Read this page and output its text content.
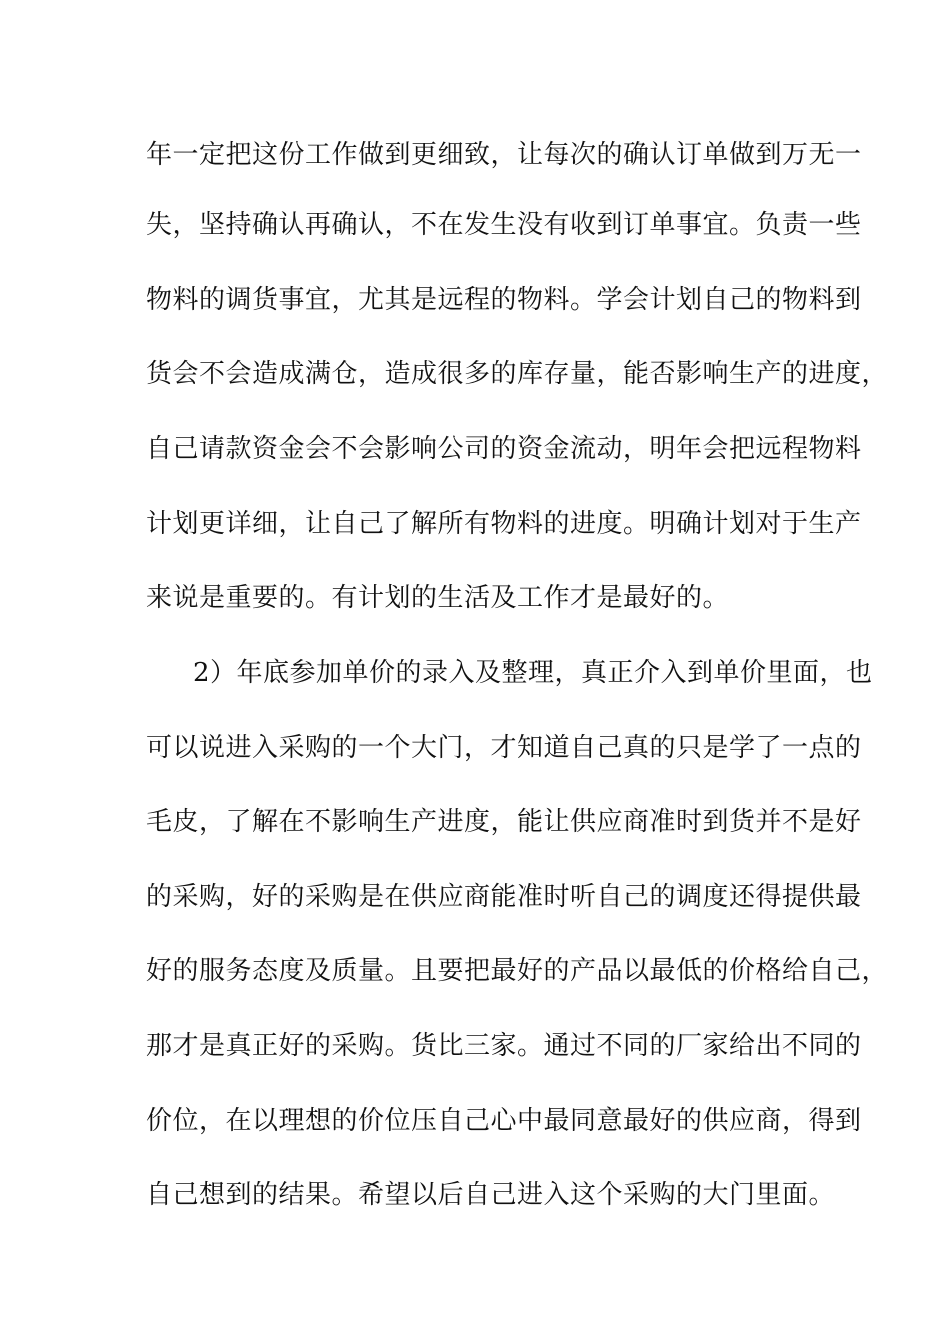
年一定把这份工作做到更细致，让每次的确认订单做到万无一
失，坚持确认再确认，不在发生没有收到订单事宜。负责一些
物料的调货事宜，尤其是远程的物料。学会计划自己的物料到
货会不会造成满仓，造成很多的库存量，能否影响生产的进度，
自己请款资金会不会影响公司的资金流动，明年会把远程物料
计划更详细，让自己了解所有物料的进度。明确计划对于生产
来说是重要的。有计划的生活及工作才是最好的。
2）年底参加单价的录入及整理，真正介入到单价里面，也
可以说进入采购的一个大门，才知道自己真的只是学了一点的
毛皮，了解在不影响生产进度，能让供应商准时到货并不是好
的采购，好的采购是在供应商能准时听自己的调度还得提供最
好的服务态度及质量。且要把最好的产品以最低的价格给自己，
那才是真正好的采购。货比三家。通过不同的厂家给出不同的
价位，在以理想的价位压自己心中最同意最好的供应商，得到
自己想到的结果。希望以后自己进入这个采购的大门里面。
